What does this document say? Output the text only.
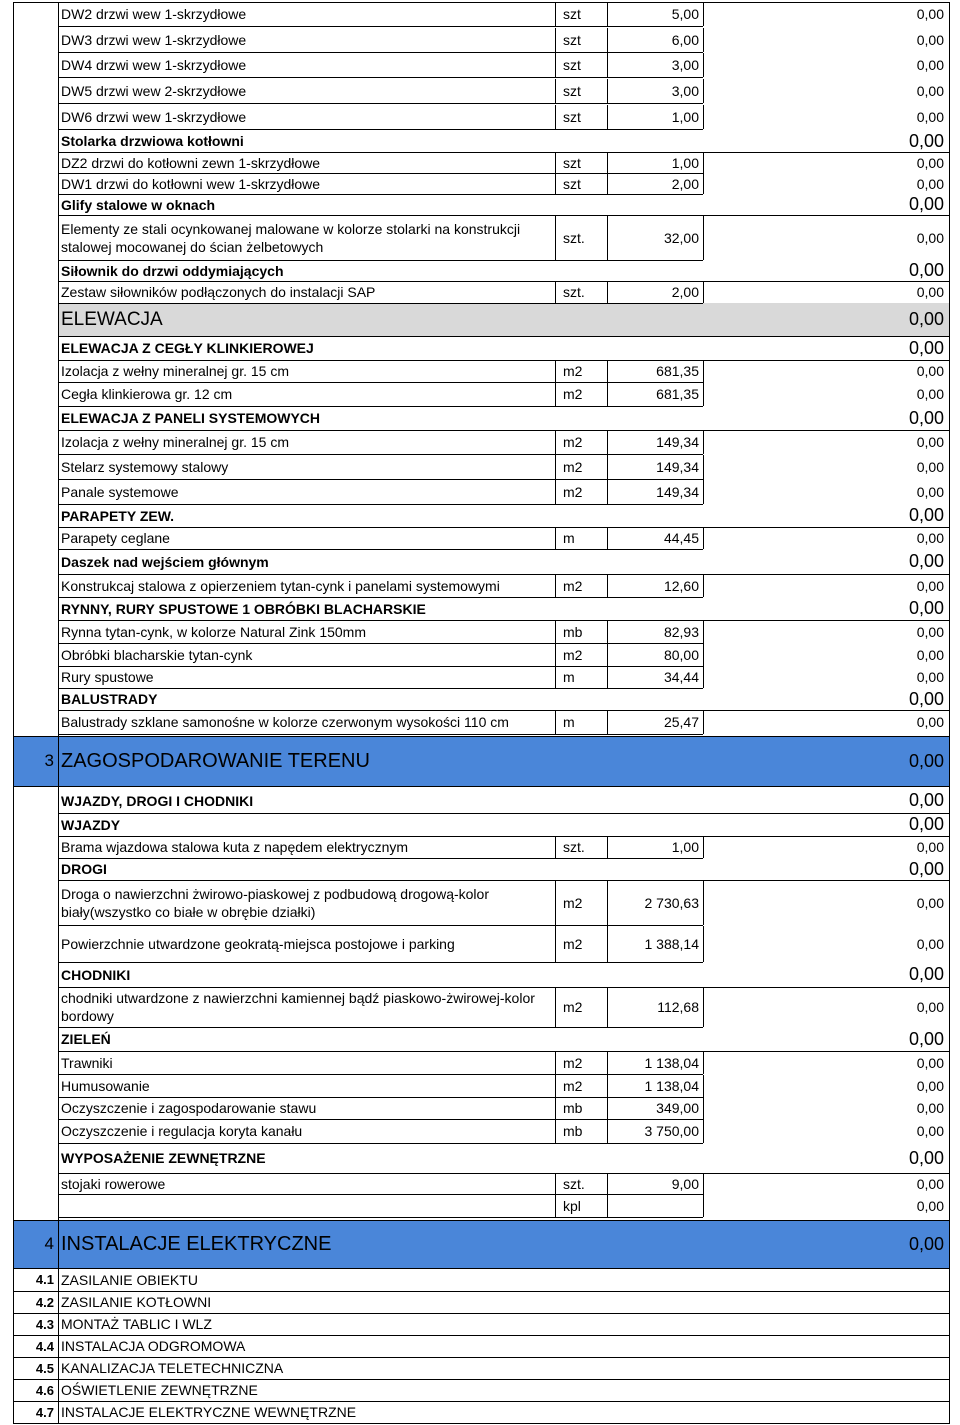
DW2 drzwi wew 1-skrzydłowe	szt	5,00	0,00
DW3 drzwi wew 1-skrzydłowe	szt	6,00	0,00
DW4 drzwi wew 1-skrzydłowe	szt	3,00	0,00
DW5 drzwi wew 2-skrzydłowe	szt	3,00	0,00
DW6 drzwi wew 1-skrzydłowe	szt	1,00	0,00
Stolarka drzwiowa kotłowni	0,00
DZ2 drzwi do kotłowni zewn 1-skrzydłowe	szt	1,00	0,00
DW1 drzwi do kotłowni wew 1-skrzydłowe	szt	2,00	0,00
Glify stalowe w oknach	0,00
Elementy ze stali ocynkowanej malowane w kolorze stolarki na konstrukcji
stalowej mocowanej do ścian żelbetowych
szt.	32,00	0,00
Siłownik do drzwi oddymiających	0,00
Zestaw siłowników podłączonych do instalacji SAP	szt.	2,00	0,00
ELEWACJA	0,00
ELEWACJA Z CEGŁY KLINKIEROWEJ	0,00
Izolacja z wełny mineralnej gr. 15 cm	m2	681,35	0,00
Cegła klinkierowa gr. 12 cm	m2	681,35	0,00
ELEWACJA Z PANELI SYSTEMOWYCH	0,00
Izolacja z wełny mineralnej gr. 15 cm	m2	149,34	0,00
Stelarz systemowy stalowy	m2	149,34	0,00
Panale systemowe	m2	149,34	0,00
PARAPETY ZEW.	0,00
Parapety ceglane	m	44,45	0,00
Daszek nad wejściem głównym	0,00
Konstrukcaj stalowa z opierzeniem tytan-cynk i panelami systemowymi	m2	12,60	0,00
RYNNY, RURY SPUSTOWE 1 OBRÓBKI BLACHARSKIE	0,00
Rynna tytan-cynk, w kolorze Natural Zink 150mm	mb	82,93	0,00
Obróbki blacharskie tytan-cynk	m2	80,00	0,00
Rury spustowe	m	34,44	0,00
BALUSTRADY	0,00
Balustrady szklane samonośne w kolorze czerwonym wysokości 110 cm	m	25,47	0,00
3 ZAGOSPODAROWANIE TERENU	0,00
WJAZDY, DROGI I CHODNIKI	0,00
WJAZDY	0,00
Brama wjazdowa stalowa kuta z napędem elektrycznym	szt.	1,00	0,00
DROGI	0,00
Droga o nawierzchni żwirowo-piaskowej z podbudową drogową-kolor
biały(wszystko co białe w obrębie działki)
m2	2 730,63	0,00
Powierzchnie utwardzone geokratą-miejsca postojowe i parking	m2	1 388,14	0,00
CHODNIKI	0,00
chodniki utwardzone z nawierzchni kamiennej bądź piaskowo-żwirowej-kolor
bordowy
m2	112,68	0,00
ZIELEŃ	0,00
Trawniki	m2	1 138,04	0,00
Humusowanie	m2	1 138,04	0,00
Oczyszczenie i zagospodarowanie stawu	mb	349,00	0,00
Oczyszczenie i regulacja koryta kanału	mb	3 750,00	0,00
WYPOSAŻENIE ZEWNĘTRZNE	0,00
stojaki rowerowe	szt.	9,00	0,00
kpl	0,00
4 INSTALACJE ELEKTRYCZNE	0,00
4.1 ZASILANIE OBIEKTU
4.2 ZASILANIE KOTŁOWNI
4.3 MONTAŻ TABLIC I WLZ
4.4 INSTALACJA ODGROMOWA
4.5 KANALIZACJA TELETECHNICZNA
4.6 OŚWIETLENIE ZEWNĘTRZNE
4.7 INSTALACJE ELEKTRYCZNE WEWNĘTRZNE
